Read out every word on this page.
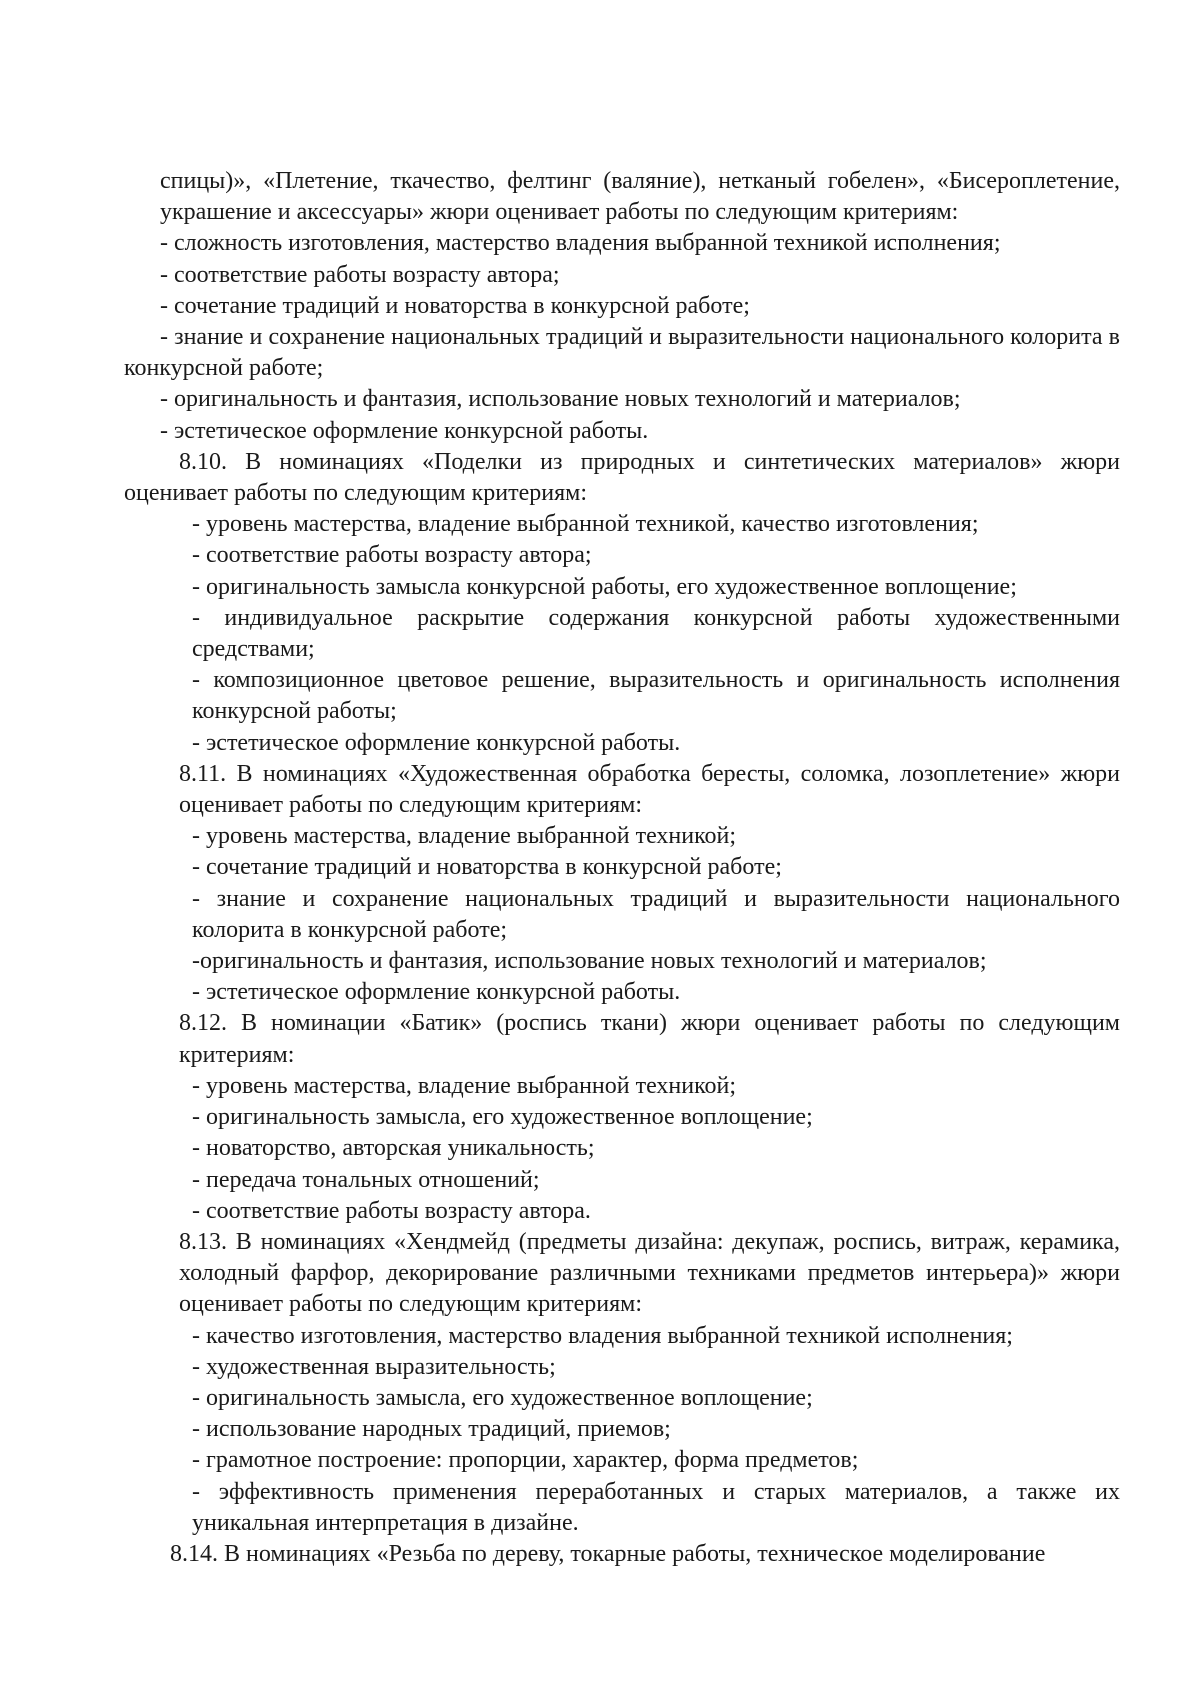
спицы)», «Плетение, ткачество, фелтинг (валяние), нетканый гобелен», «Бисероплетение, украшение и аксессуары» жюри оценивает работы по следующим критериям:

- сложность изготовления, мастерство владения выбранной техникой исполнения;

- соответствие работы возрасту автора;

- сочетание традиций и новаторства в конкурсной работе;

- знание и сохранение национальных традиций и выразительности национального колорита в конкурсной работе;

- оригинальность и фантазия, использование новых технологий и материалов;

- эстетическое оформление конкурсной работы.

8.10. В номинациях «Поделки из природных и синтетических материалов» жюри оценивает работы по следующим критериям:

- уровень мастерства, владение выбранной техникой, качество изготовления;

- соответствие работы возрасту автора;

- оригинальность замысла конкурсной работы, его художественное воплощение;

- индивидуальное раскрытие содержания конкурсной работы художественными средствами;

- композиционное цветовое решение, выразительность и оригинальность исполнения конкурсной работы;

- эстетическое оформление конкурсной работы.

8.11. В номинациях «Художественная обработка бересты, соломка, лозоплетение» жюри оценивает работы по следующим критериям:

- уровень мастерства, владение выбранной техникой;

- сочетание традиций и новаторства в конкурсной работе;

- знание и сохранение национальных традиций и выразительности национального колорита в конкурсной работе;

-оригинальность и фантазия, использование новых технологий и материалов;

- эстетическое оформление конкурсной работы.

8.12. В номинации «Батик» (роспись ткани) жюри оценивает работы по следующим критериям:

- уровень мастерства, владение выбранной техникой;

- оригинальность замысла, его художественное воплощение;

- новаторство, авторская уникальность;

- передача тональных отношений;

- соответствие работы возрасту автора.

8.13. В номинациях «Хендмейд (предметы дизайна: декупаж, роспись, витраж, керамика, холодный фарфор, декорирование различными техниками предметов интерьера)» жюри оценивает работы по следующим критериям:

- качество изготовления, мастерство владения выбранной техникой исполнения;

- художественная выразительность;

- оригинальность замысла, его художественное воплощение;

- использование народных традиций, приемов;

- грамотное построение: пропорции, характер, форма предметов;

- эффективность применения переработанных и старых материалов, а также их уникальная интерпретация в дизайне.

8.14. В номинациях «Резьба по дереву, токарные работы, техническое моделирование
